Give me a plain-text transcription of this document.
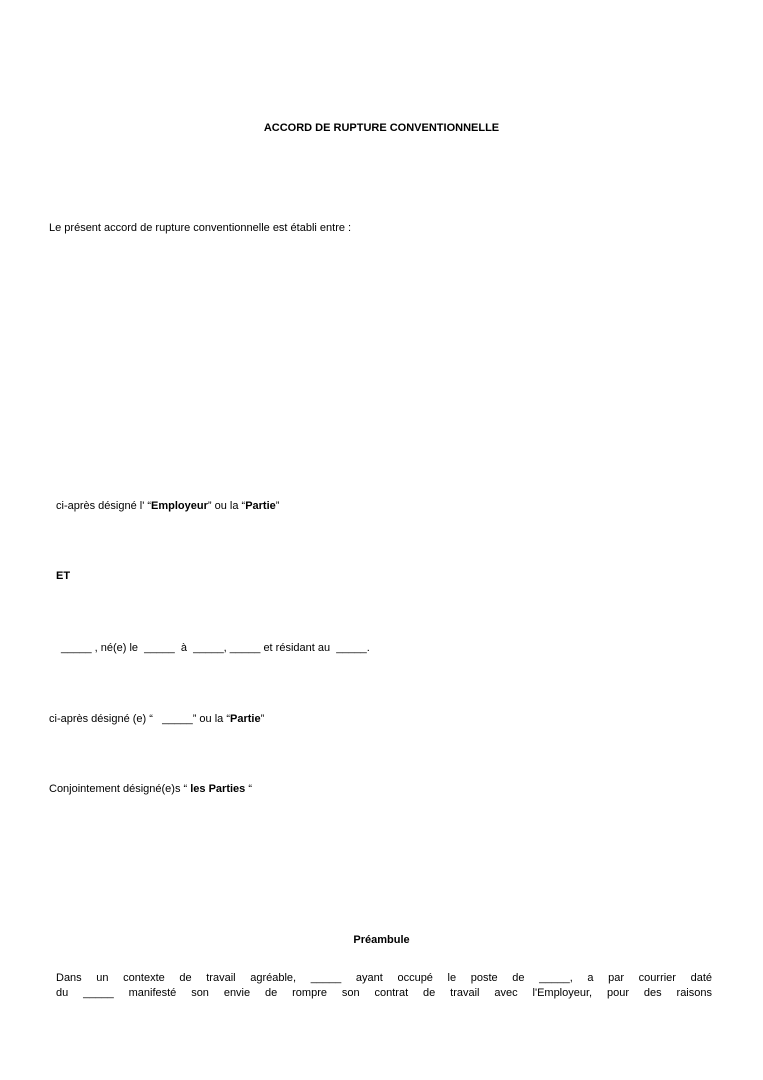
ACCORD DE RUPTURE CONVENTIONNELLE
Le présent accord de rupture conventionnelle est établi entre :
ci-après désigné l' “Employeur” ou la “Partie”
ET
_____ , né(e) le  _____  à  _____, _____ et résidant au  _____.
ci-après désigné (e) “   _____” ou la “Partie”
Conjointement désigné(e)s “ les Parties “
Préambule
Dans un contexte de travail agréable, _____ ayant occupé le poste de _____, a par courrier daté
du _____ manifesté son envie de rompre son contrat de travail avec l'Employeur, pour des raisons
